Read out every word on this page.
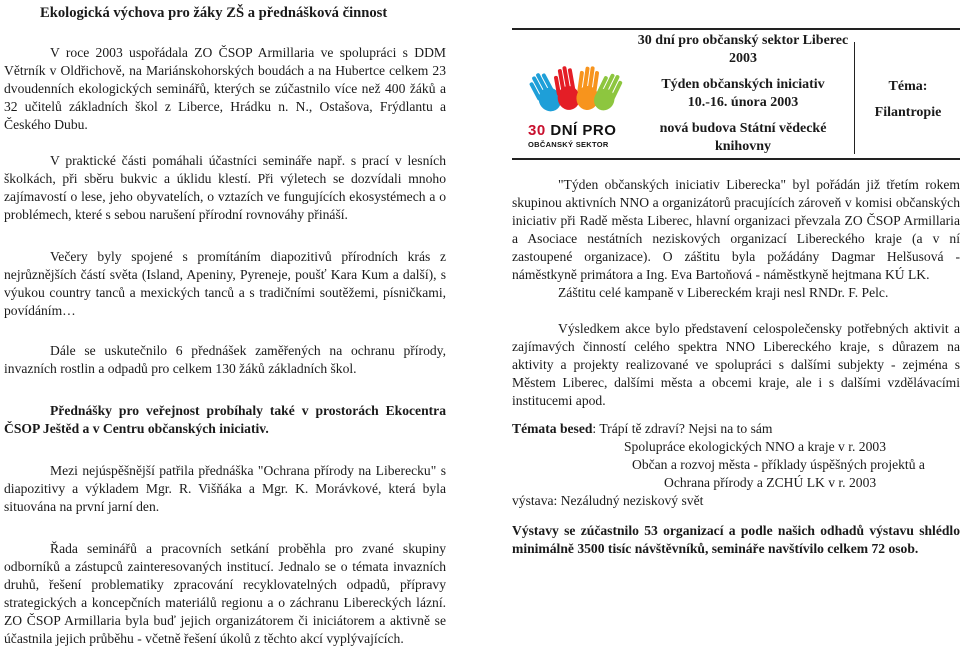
Ekologická výchova pro žáky ZŠ a přednášková činnost

V roce 2003 uspořádala ZO ČSOP Armillaria ve spolupráci s DDM Větrník v Oldřichově, na Mariánskohorských boudách a na Hubertce celkem 23 dvoudenních ekologických seminářů, kterých se zúčastnilo více než 400 žáků a 32 učitelů základních škol z Liberce, Hrádku n. N., Ostašova, Frýdlantu a Českého Dubu.

V praktické části pomáhali účastníci semináře např. s prací v lesních školkách, při sběru bukvic a úklidu klestí. Při výletech se dozvídali mnoho zajímavostí o lese, jeho obyvatelích, o vztazích ve fungujících ekosystémech a o problémech, které s sebou narušení přírodní rovnováhy přináší.

Večery byly spojené s promítáním diapozitivů přírodních krás z nejrůznějších částí světa (Island, Apeniny, Pyreneje, poušť Kara Kum a další), s výukou country tanců a mexických tanců a s tradičními soutěžemi, písničkami, povídáním…

Dále se uskutečnilo 6 přednášek zaměřených na ochranu přírody, invazních rostlin a odpadů pro celkem 130 žáků základních škol.

Přednášky pro veřejnost probíhaly také v prostorách Ekocentra ČSOP Ještěd a v Centru občanských iniciativ.

Mezi nejúspěšnější patřila přednáška "Ochrana přírody na Liberecku" s diapozitivy a výkladem Mgr. R. Višňáka a Mgr. K. Morávkové, která byla situována na první jarní den.

Řada seminářů a pracovních setkání proběhla pro zvané skupiny odborníků a zástupců zainteresovaných institucí. Jednalo se o témata invazních druhů, řešení problematiky zpracování recyklovatelných odpadů, přípravy strategických a koncepčních materiálů regionu a o záchranu Libereckých lázní. ZO ČSOP Armillaria byla buď jejich organizátorem či iniciátorem a aktivně se účastnila jejich průběhu - včetně řešení úkolů z těchto akcí vyplývajících.

30 DNÍ PRO
OBČANSKÝ SEKTOR
30 dní pro občanský sektor Liberec 2003
Týden občanských iniciativ
10.-16. února 2003
nová budova Státní vědecké knihovny
Téma:
Filantropie

"Týden občanských iniciativ Liberecka" byl pořádán již třetím rokem skupinou aktivních NNO a organizátorů pracujících zároveň v komisi občanských iniciativ při Radě města Liberec, hlavní organizaci převzala ZO ČSOP Armillaria a Asociace nestátních neziskových organizací Libereckého kraje (a v ní zastoupené organizace). O záštitu byla požádány Dagmar Helšusová - náměstkyně primátora a Ing. Eva Bartoňová - náměstkyně hejtmana KÚ LK.

Záštitu celé kampaně v Libereckém kraji nesl RNDr. F. Pelc.

Výsledkem akce bylo představení celospolečensky potřebných aktivit a zajímavých činností celého spektra NNO Libereckého kraje, s důrazem na aktivity a projekty realizované ve spolupráci s dalšími subjekty - zejména s Městem Liberec, dalšími města a obcemi kraje, ale i s dalšími vzdělávacími institucemi apod.

Témata besed: Trápí tě zdraví? Nejsi na to sám
Spolupráce ekologických NNO a kraje v r. 2003
Občan a rozvoj města - příklady úspěšných projektů a
Ochrana přírody a ZCHÚ LK v r. 2003
výstava: Nezáludný neziskový svět
Výstavy se zúčastnilo 53 organizací a podle našich odhadů výstavu shlédlo minimálně 3500 tisíc návštěvníků, semináře navštívilo celkem 72 osob.
